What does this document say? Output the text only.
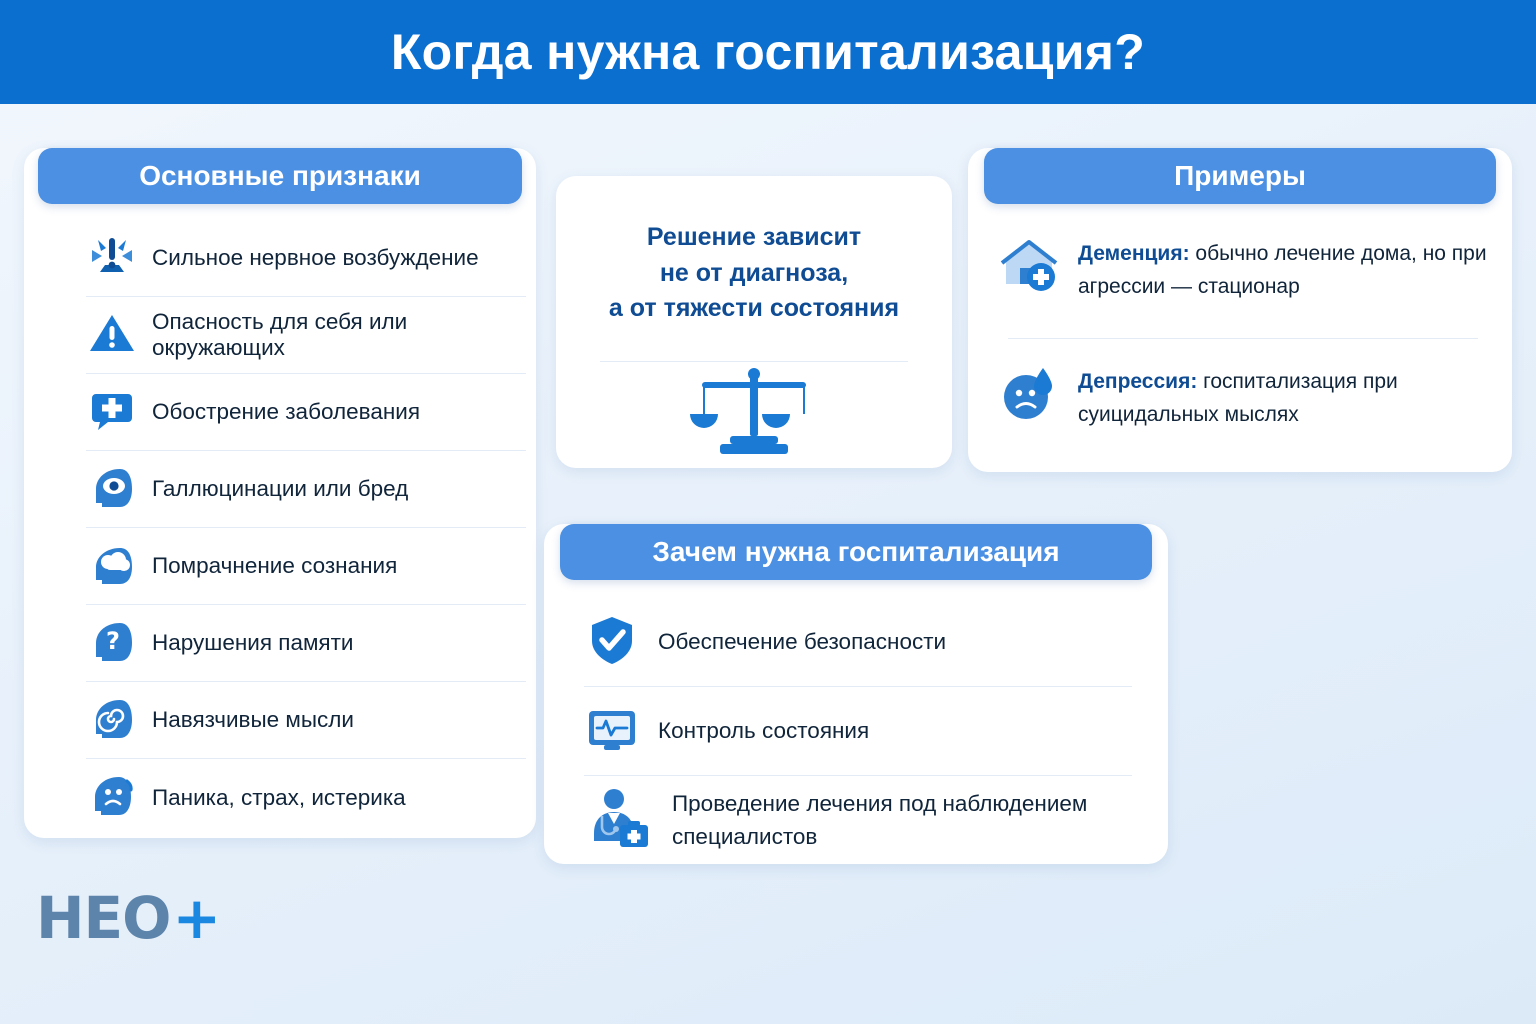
Когда нужна госпитализация?
Сильное нервное возбуждение
Опасность для себя или окружающих
Обострение заболевания
Галлюцинации или бред
Помрачнение сознания
? Нарушения памяти
Навязчивые мысли
Паника, страх, истерика
Основные признаки
Решение зависит
не от диагноза,
а от тяжести состояния
Деменция: обычно лечение дома, но при агрессии — стационар
Депрессия: госпитализация при суицидальных мыслях
Примеры
Обеспечение безопасности
Контроль состояния
Проведение лечения под наблюдением специалистов
Зачем нужна госпитализация
HEO +
